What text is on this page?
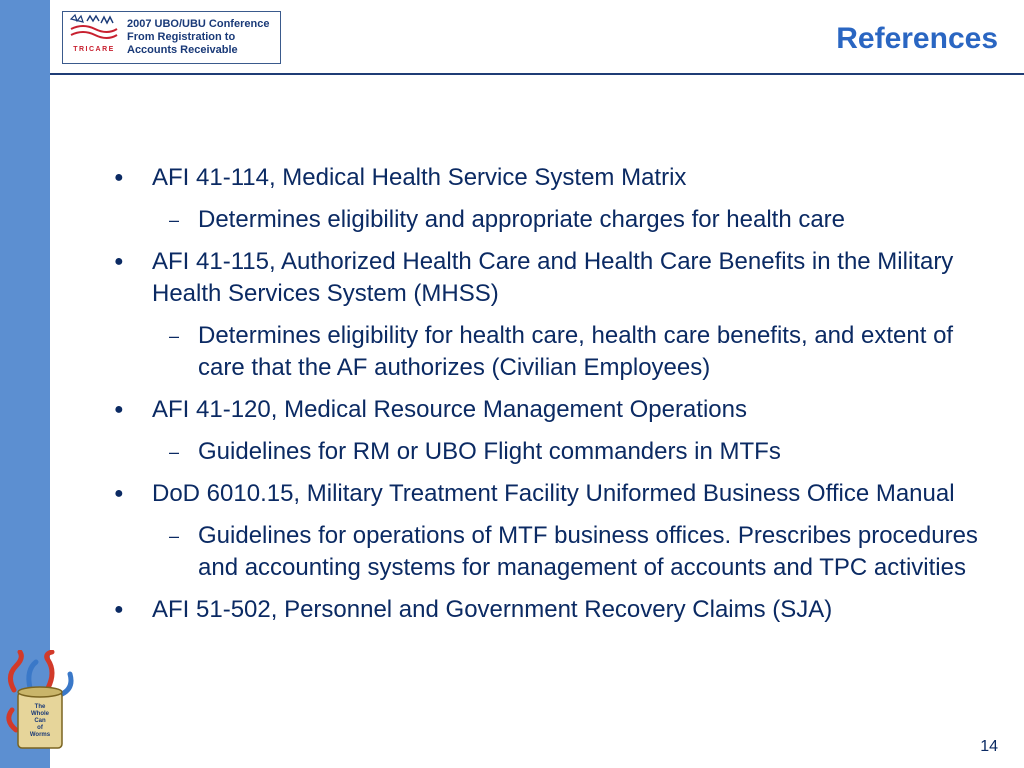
TRICARE
2007 UBO/UBU Conference
From Registration to
Accounts Receivable	References
●	AFI 41-114, Medical Health Service System Matrix
– Determines eligibility and appropriate charges for health care
●	AFI 41-115, Authorized Health Care and Health Care Benefits in the Military Health Services System (MHSS)
– Determines eligibility for health care, health care benefits, and extent of care that the AF authorizes (Civilian Employees)
●	AFI 41-120, Medical Resource Management Operations
– Guidelines for RM or UBO Flight commanders in MTFs
●	DoD 6010.15, Military Treatment Facility Uniformed Business Office Manual
– Guidelines for operations of MTF business offices. Prescribes procedures and accounting systems for management of accounts and TPC activities
●	AFI 51-502, Personnel and Government Recovery Claims (SJA)
The
Whole
Can
of
Worms
14
